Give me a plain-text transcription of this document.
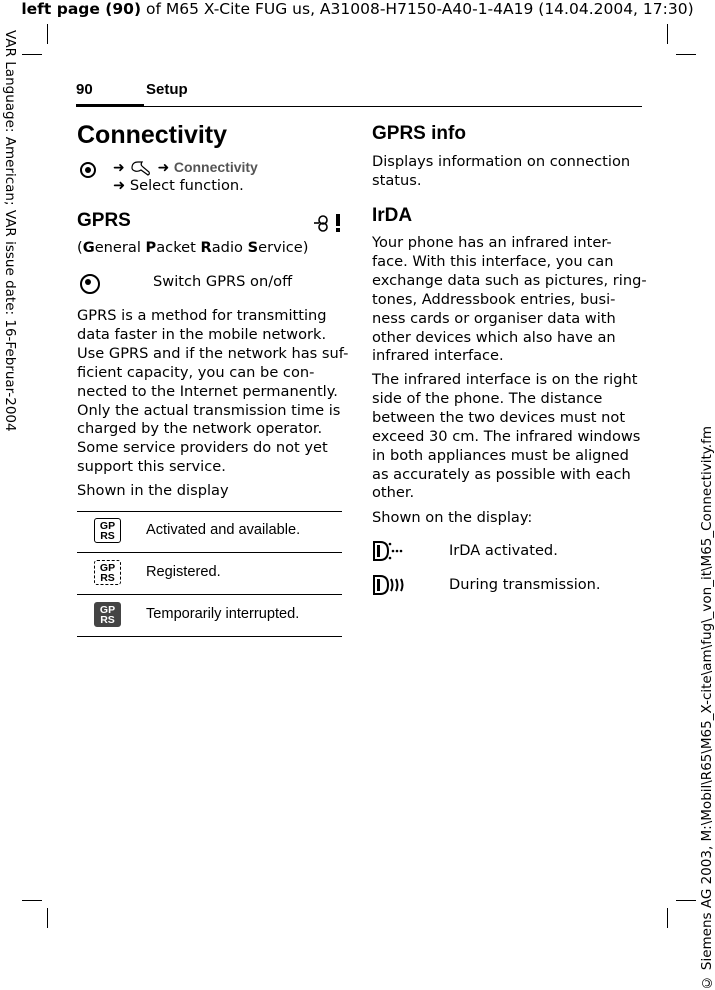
left page (90) of M65 X-Cite FUG us, A31008-H7150-A40-1-4A19 (14.04.2004, 17:30)
VAR Language: American; VAR issue date: 16-Februar-2004
© Siemens AG 2003, M:\Mobil\R65\M65_X-cite\am\fug\_von_it\M65_Connectivity.fm
90	Setup
Connectivity
➜ ➜ Connectivity
➜ Select function.
GPRS
(General Packet Radio Service)
Switch GPRS on/off
GPRS is a method for transmitting
data faster in the mobile network.
Use GPRS and if the network has suf-
ficient capacity, you can be con-
nected to the Internet permanently.
Only the actual transmission time is
charged by the network operator.
Some service providers do not yet
support this service.
Shown in the display
GP
RS	Activated and available.
GP
RS	Registered.
GP
RS	Temporarily interrupted.
GPRS info
Displays information on connection
status.
IrDA
Your phone has an infrared inter-
face. With this interface, you can
exchange data such as pictures, ring-
tones, Addressbook entries, busi-
ness cards or organiser data with
other devices which also have an
infrared interface.
The infrared interface is on the right
side of the phone. The distance
between the two devices must not
exceed 30 cm. The infrared windows
in both appliances must be aligned
as accurately as possible with each
other.
Shown on the display:
IrDA activated.
During transmission.
